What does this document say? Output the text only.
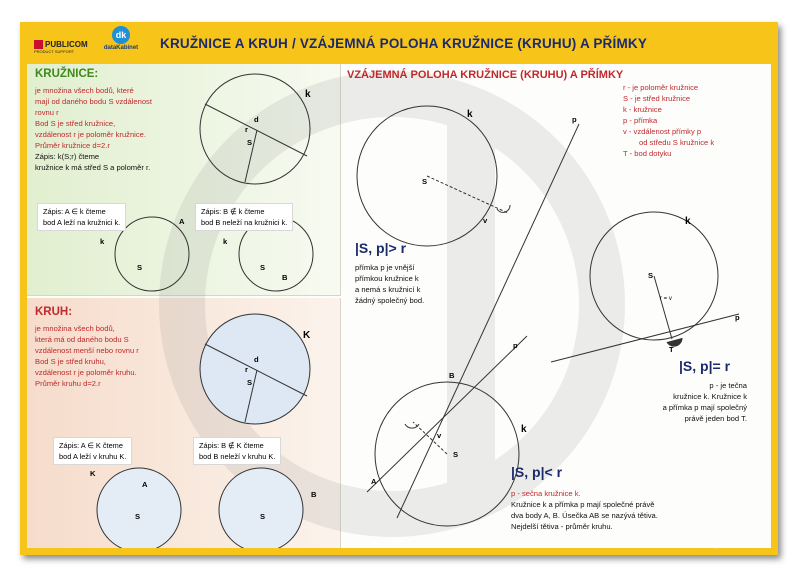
PUBLICOM
PRODUCT SUPPORT
dk
dataKabinet	KRUŽNICE A KRUH / VZÁJEMNÁ POLOHA KRUŽNICE (KRUHU) A PŘÍMKY
KRUŽNICE:
je množina všech bodů, které
mají od daného bodu S vzdálenost
rovnu r
Bod S je střed kružnice,
vzdálenost r je poloměr kružnice.
Průměr kružnice d=2.r
Zápis: k(S;r) čteme
kružnice k má střed S a poloměr r.
Zápis: A ∈ k čteme
bod A leží na kružnici k.
Zápis: B ∉ k čteme
bod B neleží na kružnici k.
KRUH:
je množina všech bodů,
která má od daného bodu S
vzdálenost menší nebo rovnu r
Bod S je střed kruhu,
vzdálenost r je poloměr kruhu.
Průměr kruhu d=2.r
Zápis: A ∈ K čteme
bod A leží v kruhu K.
Zápis: B ∉ K čteme
bod B neleží v kruhu K.
k
d
r
S
k
A
S
k
S
B
K
d
r
S
K
A
S	S
B
VZÁJEMNÁ POLOHA KRUŽNICE (KRUHU) A PŘÍMKY
r - je poloměr kružnice
S - je střed kružnice
k - kružnice
p - přímka
v - vzdálenost přímky p
od středu S kružnice k
T - bod dotyku
|S, p|> r
přímka p je vnější
přímkou kružnice k
a nemá s kružnicí k
žádný společný bod.
S
k
v
p
|S, p|= r
p - je tečna
kružnice k. Kružnice k
a přímka p mají společný
právě jeden bod T.
S
k
r = v
T
p
|S, p|< r
p - sečna kružnice k.
Kružnice k a přímka p mají společné právě
dva body A, B. Úsečka AB se nazývá tětiva.
Nejdelší tětiva - průměr kruhu.
S
k
A
B
p
v
www.publicom.cz
